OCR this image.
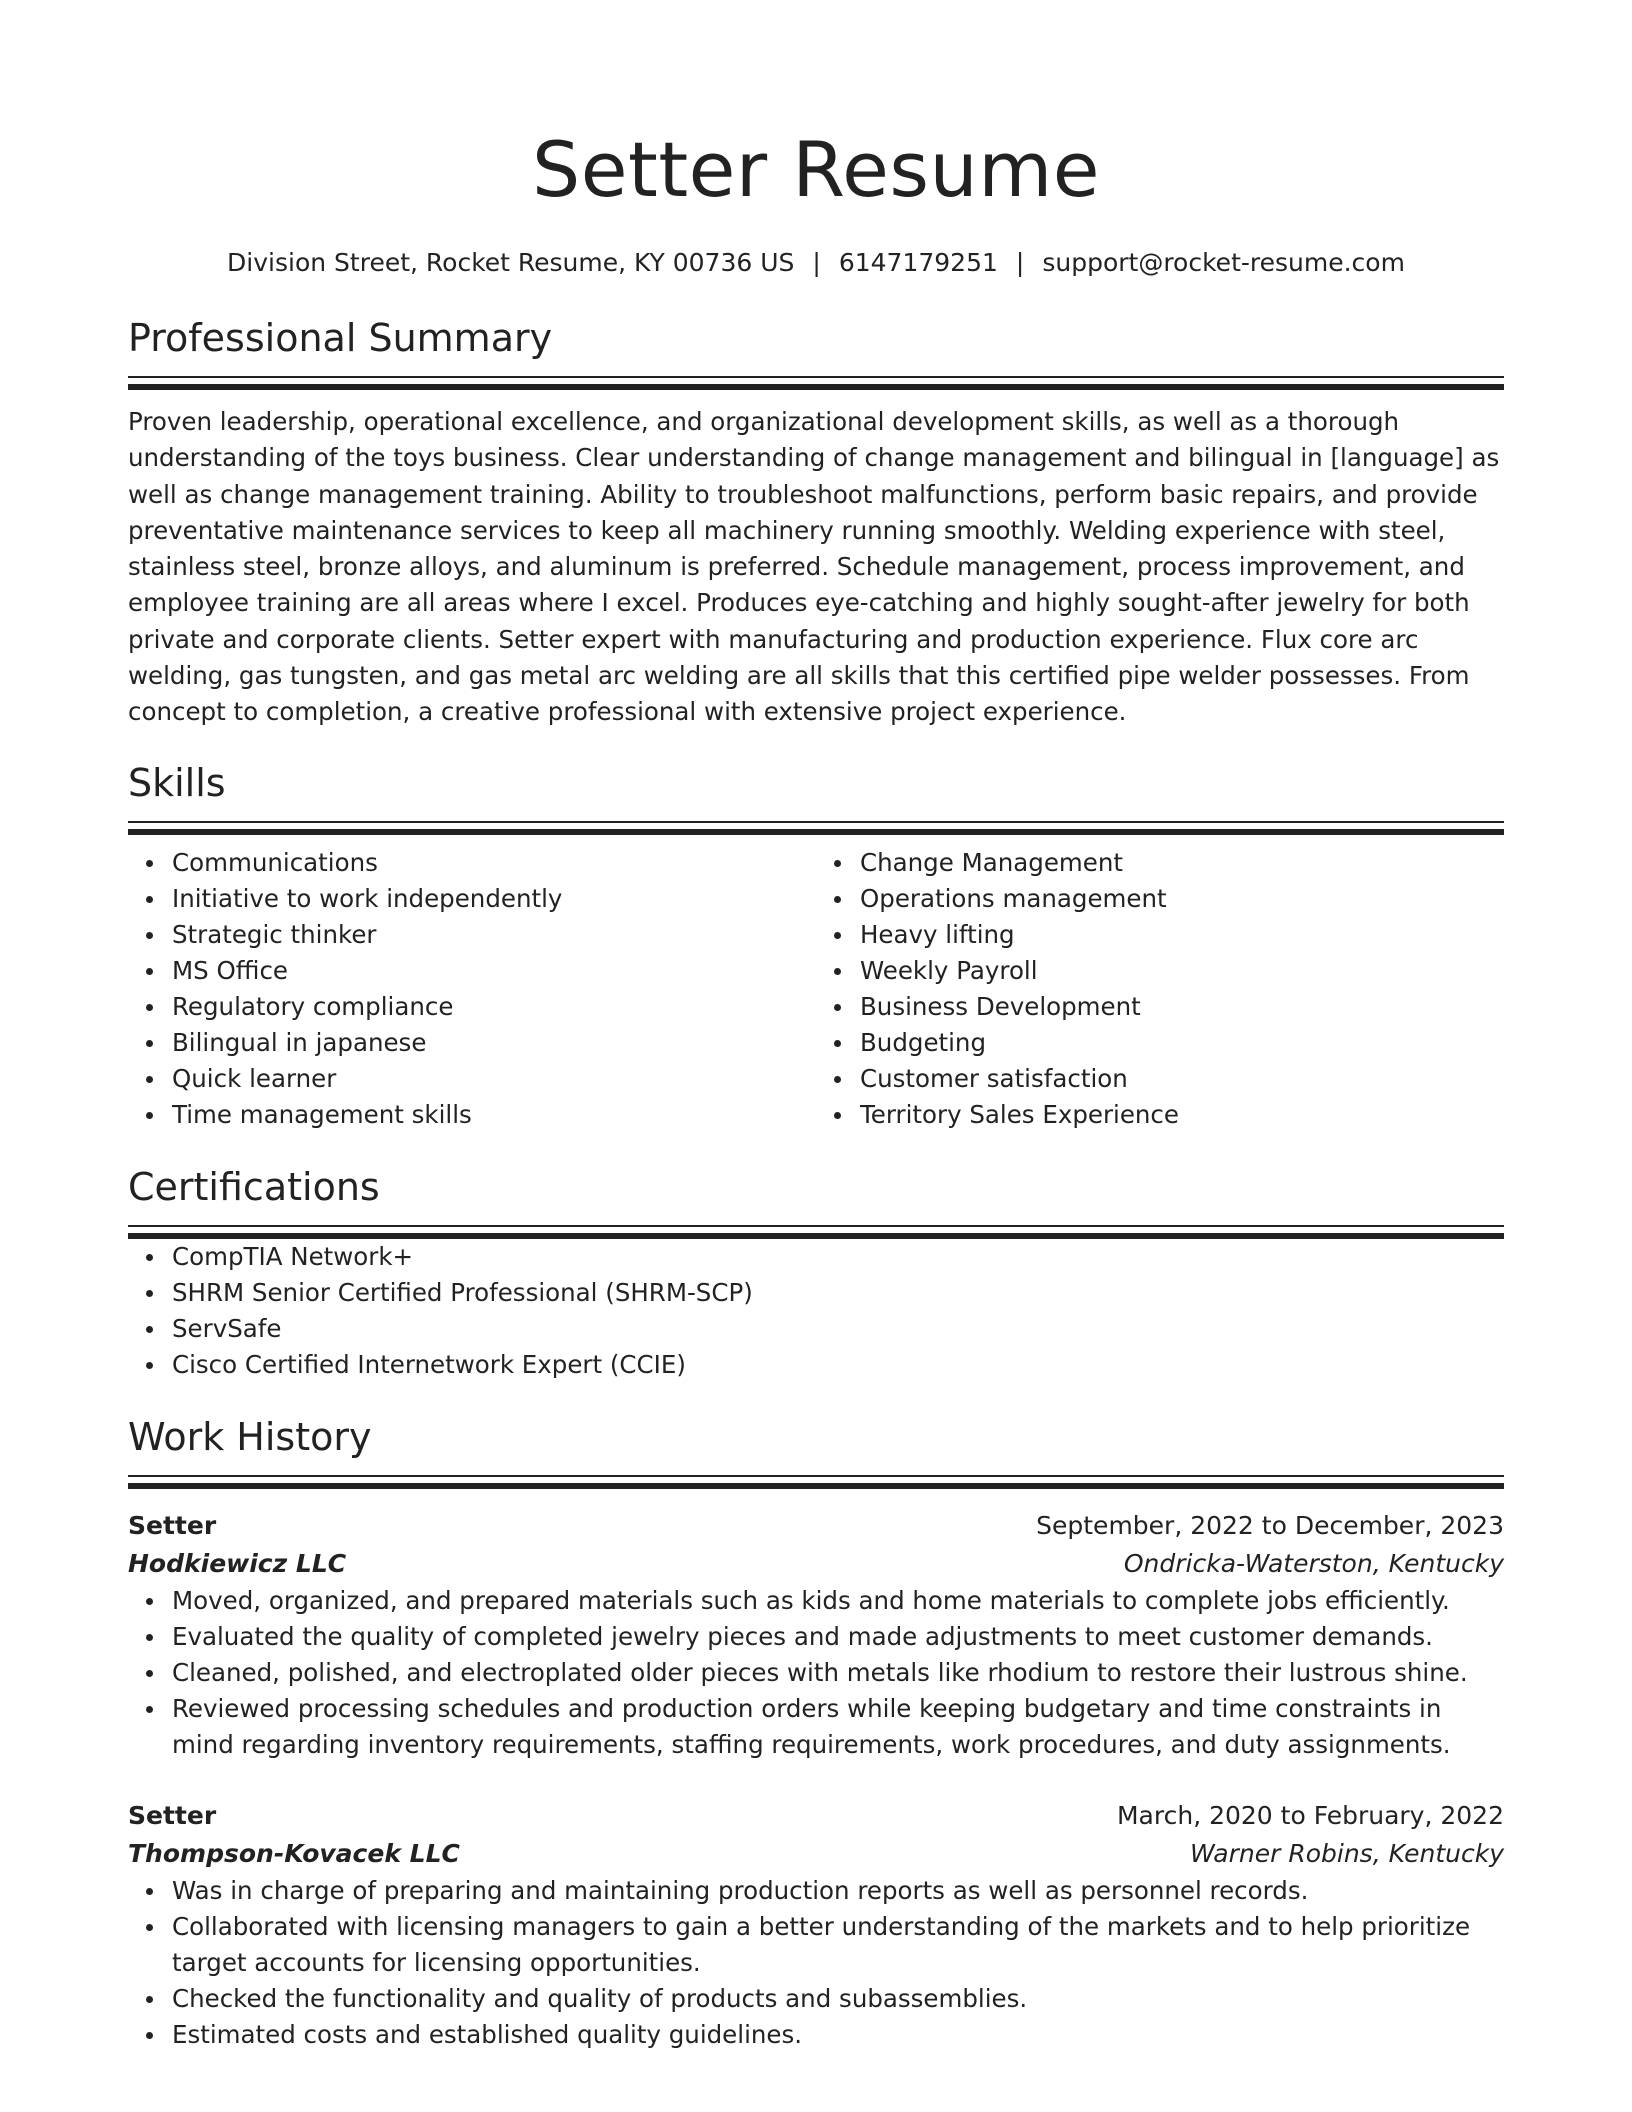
Setter Resume
Division Street, Rocket Resume, KY 00736 US | 6147179251 | support@rocket-resume.com
Professional Summary

Proven leadership, operational excellence, and organizational development skills, as well as a thorough understanding of the toys business. Clear understanding of change management and bilingual in [language] as well as change management training. Ability to troubleshoot malfunctions, perform basic repairs, and provide preventative maintenance services to keep all machinery running smoothly. Welding experience with steel, stainless steel, bronze alloys, and aluminum is preferred. Schedule management, process improvement, and employee training are all areas where I excel. Produces eye-catching and highly sought-after jewelry for both private and corporate clients. Setter expert with manufacturing and production experience. Flux core arc welding, gas tungsten, and gas metal arc welding are all skills that this certified pipe welder possesses. From concept to completion, a creative professional with extensive project experience.

Skills
Communications
Initiative to work independently
Strategic thinker
MS Office
Regulatory compliance
Bilingual in japanese
Quick learner
Time management skills
Change Management
Operations management
Heavy lifting
Weekly Payroll
Business Development
Budgeting
Customer satisfaction
Territory Sales Experience
Certifications
CompTIA Network+
SHRM Senior Certified Professional (SHRM-SCP)
ServSafe
Cisco Certified Internetwork Expert (CCIE)
Work History
Setter	September, 2022 to December, 2023
Hodkiewicz LLC	Ondricka-Waterston, Kentucky
Moved, organized, and prepared materials such as kids and home materials to complete jobs efficiently.
Evaluated the quality of completed jewelry pieces and made adjustments to meet customer demands.
Cleaned, polished, and electroplated older pieces with metals like rhodium to restore their lustrous shine.
Reviewed processing schedules and production orders while keeping budgetary and time constraints in mind regarding inventory requirements, staffing requirements, work procedures, and duty assignments.
Setter	March, 2020 to February, 2022
Thompson-Kovacek LLC	Warner Robins, Kentucky
Was in charge of preparing and maintaining production reports as well as personnel records.
Collaborated with licensing managers to gain a better understanding of the markets and to help prioritize target accounts for licensing opportunities.
Checked the functionality and quality of products and subassemblies.
Estimated costs and established quality guidelines.
